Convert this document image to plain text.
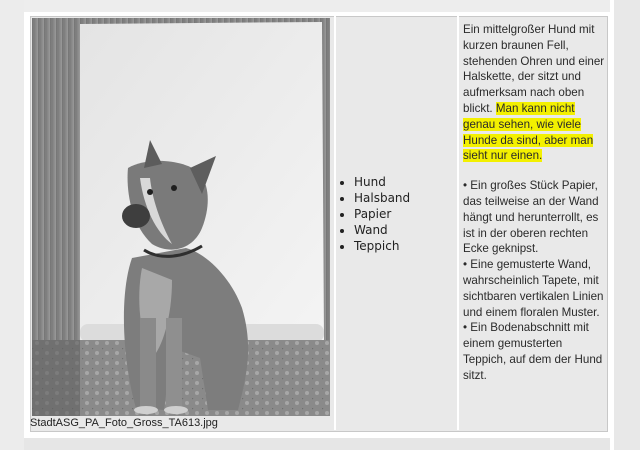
StadtASG_PA_Foto_Gross_TA613.jpg
• Hund
• Halsband
• Papier
• Wand
• Teppich

Ein mittelgroßer Hund mit kurzen braunen Fell, stehenden Ohren und einer Halskette, der sitzt und aufmerksam nach oben blickt. Man kann nicht genau sehen, wie viele Hunde da sind, aber man sieht nur einen.

• Ein großes Stück Papier, das teilweise an der Wand hängt und herunterrollt, es ist in der oberen rechten Ecke geknipst.
• Eine gemusterte Wand, wahrscheinlich Tapete, mit sichtbaren vertikalen Linien und einem floralen Muster.
• Ein Bodenabschnitt mit einem gemusterten Teppich, auf dem der Hund sitzt.
